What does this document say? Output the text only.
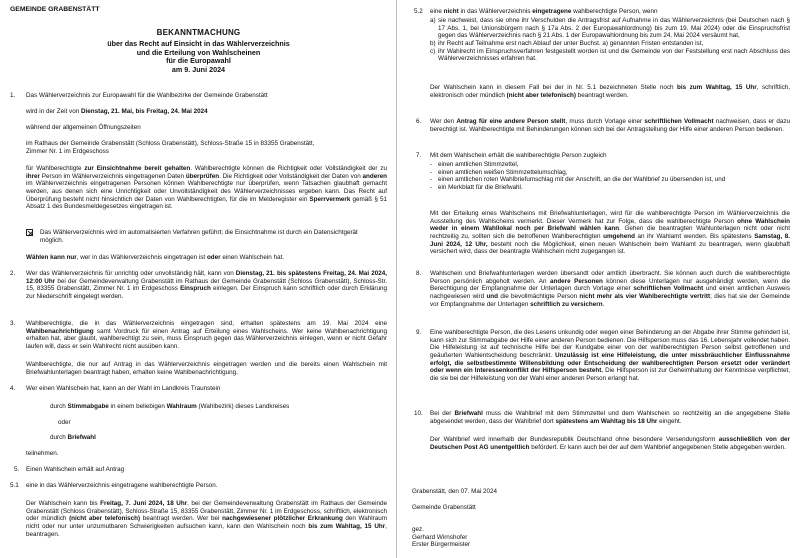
GEMEINDE GRABENSTÄTT
BEKANNTMACHUNG
über das Recht auf Einsicht in das Wählerverzeichnis
und die Erteilung von Wahlscheinen
für die Europawahl
am 9. Juni 2024
1. Das Wählerverzeichnis zur Europawahl für die Wahlbezirke der Gemeinde Grabenstätt
wird in der Zeit von Dienstag, 21. Mai, bis Freitag, 24. Mai 2024
während der allgemeinen Öffnungszeiten
im Rathaus der Gemeinde Grabenstätt (Schloss Grabenstätt), Schloss-Straße 15 in 83355 Grabenstätt,
Zimmer Nr. 1 im Erdgeschoss
für Wahlberechtigte zur Einsichtnahme bereit gehalten. Wahlberechtigte können die Richtigkeit oder Vollständigkeit der zu ihrer Person im Wählerverzeichnis eingetragenen Daten überprüfen. Die Richtigkeit oder Vollständigkeit der Daten von anderen im Wählerverzeichnis eingetragenen Personen können Wahlberechtigte nur überprüfen, wenn Tatsachen glaubhaft gemacht werden, aus denen sich eine Unrichtigkeit oder Unvollständigkeit des Wählerverzeichnisses ergeben kann. Das Recht auf Überprüfung besteht nicht hinsichtlich der Daten von Wahlberechtigten, für die im Melderegister ein Sperrvermerk gemäß § 51 Absatz 1 des Bundesmeldegesetzes eingetragen ist.
Das Wählerverzeichnis wird im automatisierten Verfahren geführt; die Einsichtnahme ist durch ein Datensichtgerät möglich.
Wählen kann nur, wer in das Wählerverzeichnis eingetragen ist oder einen Wahlschein hat.
2. Wer das Wählerverzeichnis für unrichtig oder unvollständig hält, kann von Dienstag, 21. bis spätestens Freitag, 24. Mai 2024, 12:00 Uhr bei der Gemeindeverwaltung Grabenstätt im Rathaus der Gemeinde Grabenstätt (Schloss Grabenstätt), Schloss-Str. 15, 83355 Grabenstätt, Zimmer Nr. 1 im Erdgeschoss Einspruch einlegen. Der Einspruch kann schriftlich oder durch Erklärung zur Niederschrift eingelegt werden.
3. Wahlberechtigte, die in das Wählerverzeichnis eingetragen sind, erhalten spätestens am 19. Mai 2024 eine Wahlbenachrichtigung samt Vordruck für einen Antrag auf Erteilung eines Wahlscheins. Wer keine Wahlbenachrichtigung erhalten hat, aber glaubt, wahlberechtigt zu sein, muss Einspruch gegen das Wählerverzeichnis einlegen, wenn er nicht Gefahr laufen will, dass er sein Wahlrecht nicht ausüben kann.
Wahlberechtigte, die nur auf Antrag in das Wählerverzeichnis eingetragen werden und die bereits einen Wahlschein mit Briefwahlunterlagen beantragt haben, erhalten keine Wahlbenachrichtigung.
4. Wer einen Wahlschein hat, kann an der Wahl im Landkreis Traunstein
durch Stimmabgabe in einem beliebigen Wahlraum (Wahlbezirk) dieses Landkreises
oder
durch Briefwahl
teilnehmen.
5. Einen Wahlschein erhält auf Antrag
5.1 eine in das Wählerverzeichnis eingetragene wahlberechtigte Person.
Der Wahlschein kann bis Freitag, 7. Juni 2024, 18 Uhr, bei der Gemeindeverwaltung Grabenstätt im Rathaus der Gemeinde Grabenstätt (Schloss Grabenstätt), Schloss-Straße 15, 83355 Grabenstätt, Zimmer Nr. 1 im Erdgeschoss, schriftlich, elektronisch oder mündlich (nicht aber telefonisch) beantragt werden. Wer bei nachgewiesener plötzlicher Erkrankung den Wahlraum nicht oder nur unter unzumutbaren Schwierigkeiten aufsuchen kann, kann den Wahlschein noch bis zum Wahltag, 15 Uhr, beantragen.
5.2 eine nicht in das Wählerverzeichnis eingetragene wahlberechtigte Person, wenn
a) sie nachweist, dass sie ohne ihr Verschulden die Antragsfrist auf Aufnahme in das Wählerverzeichnis (bei Deutschen nach § 17 Abs. 1, bei Unionsbürgern nach § 17a Abs. 2 der Europawahlordnung) bis zum 19. Mai 2024) oder die Einspruchsfrist gegen das Wählerverzeichnis nach § 21 Abs. 1 der Europawahlordnung bis zum 24. Mai 2024 versäumt hat,
b) ihr Recht auf Teilnahme erst nach Ablauf der unter Buchst. a) genannten Fristen entstanden ist,
c) ihr Wahlrecht im Einspruchsverfahren festgestellt worden ist und die Gemeinde von der Feststellung erst nach Abschluss des Wählerverzeichnisses erfahren hat.
Der Wahlschein kann in diesem Fall bei der in Nr. 5.1 bezeichneten Stelle noch bis zum Wahltag, 15 Uhr, schriftlich, elektronisch oder mündlich (nicht aber telefonisch) beantragt werden.
6. Wer den Antrag für eine andere Person stellt, muss durch Vorlage einer schriftlichen Vollmacht nachweisen, dass er dazu berechtigt ist. Wahlberechtigte mit Behinderungen können sich bei der Antragstellung der Hilfe einer anderen Person bedienen.
7. Mit dem Wahlschein erhält die wahlberechtigte Person zugleich
- einen amtlichen Stimmzettel,
- einen amtlichen weißen Stimmzettelumschlag,
- einen amtlichen roten Wahlbriefumschlag mit der Anschrift, an die der Wahlbrief zu übersenden ist, und
- ein Merkblatt für die Briefwahl.
Mit der Erteilung eines Wahlscheins mit Briefwahlunterlagen, wird für die wahlberechtigte Person im Wählerverzeichnis die Ausstellung des Wahlscheins vermerkt. Dieser Vermerk hat zur Folge, dass die wahlberechtigte Person ohne Wahlschein weder in einem Wahllokal noch per Briefwahl wählen kann. Gehen die beantragten Wahlunterlagen nicht oder nicht rechtzeitig zu, sollten sich die betroffenen Wahlberechtigten umgehend an ihr Wahlamt wenden. Bis spätestens Samstag, 8. Juni 2024, 12 Uhr, besteht noch die Möglichkeit, einen neuen Wahlschein beim Wahlamt zu beantragen, wenn glaubhaft versichert wird, dass der beantragte Wahlschein nicht zugegangen ist.
8. Wahlschein und Briefwahlunterlagen werden übersandt oder amtlich überbracht. Sie können auch durch die wahlberechtigte Person persönlich abgeholt werden. An andere Personen können diese Unterlagen nur ausgehändigt werden, wenn die Berechtigung der Empfangnahme der Unterlagen durch Vorlage einer schriftlichen Vollmacht und einen amtlichen Ausweis nachgewiesen wird und die bevollmächtigte Person nicht mehr als vier Wahlberechtigte vertritt; dies hat sie der Gemeinde vor Empfangnahme der Unterlagen schriftlich zu versichern.
9. Eine wahlberechtigte Person, die des Lesens unkundig oder wegen einer Behinderung an der Abgabe ihrer Stimme gehindert ist, kann sich zur Stimmabgabe der Hilfe einer anderen Person bedienen. Die Hilfsperson muss das 16. Lebensjahr vollendet haben. Die Hilfeleistung ist auf technische Hilfe bei der Kundgabe einer von der wahlberechtigten Person selbst getroffenen und geäußerten Wahlentscheidung beschränkt. Unzulässig ist eine Hilfeleistung, die unter missbräuchlicher Einflussnahme erfolgt, die selbstbestimmte Willensbildung oder Entscheidung der wahlberechtigten Person ersetzt oder verändert oder wenn ein Interessenkonflikt der Hilfsperson besteht. Die Hilfsperson ist zur Geheimhaltung der Kenntnisse verpflichtet, die sie bei der Hilfeleistung von der Wahl einer anderen Person erlangt hat.
10. Bei der Briefwahl muss die Wahlbrief mit dem Stimmzettel und dem Wahlschein so rechtzeitig an die angegebene Stelle abgesendet werden, dass der Wahlbrief dort spätestens am Wahltag bis 18 Uhr eingeht.
Der Wahlbrief wird innerhalb der Bundesrepublik Deutschland ohne besondere Versendungsform ausschließlich von der Deutschen Post AG unentgeltlich befördert. Er kann auch bei der auf dem Wahlbrief angegebenen Stelle abgegeben werden.
Grabenstätt, den 07. Mai 2024
Gemeinde Grabenstätt
gez.
Gerhard Wirnshofer
Erster Bürgermeister
